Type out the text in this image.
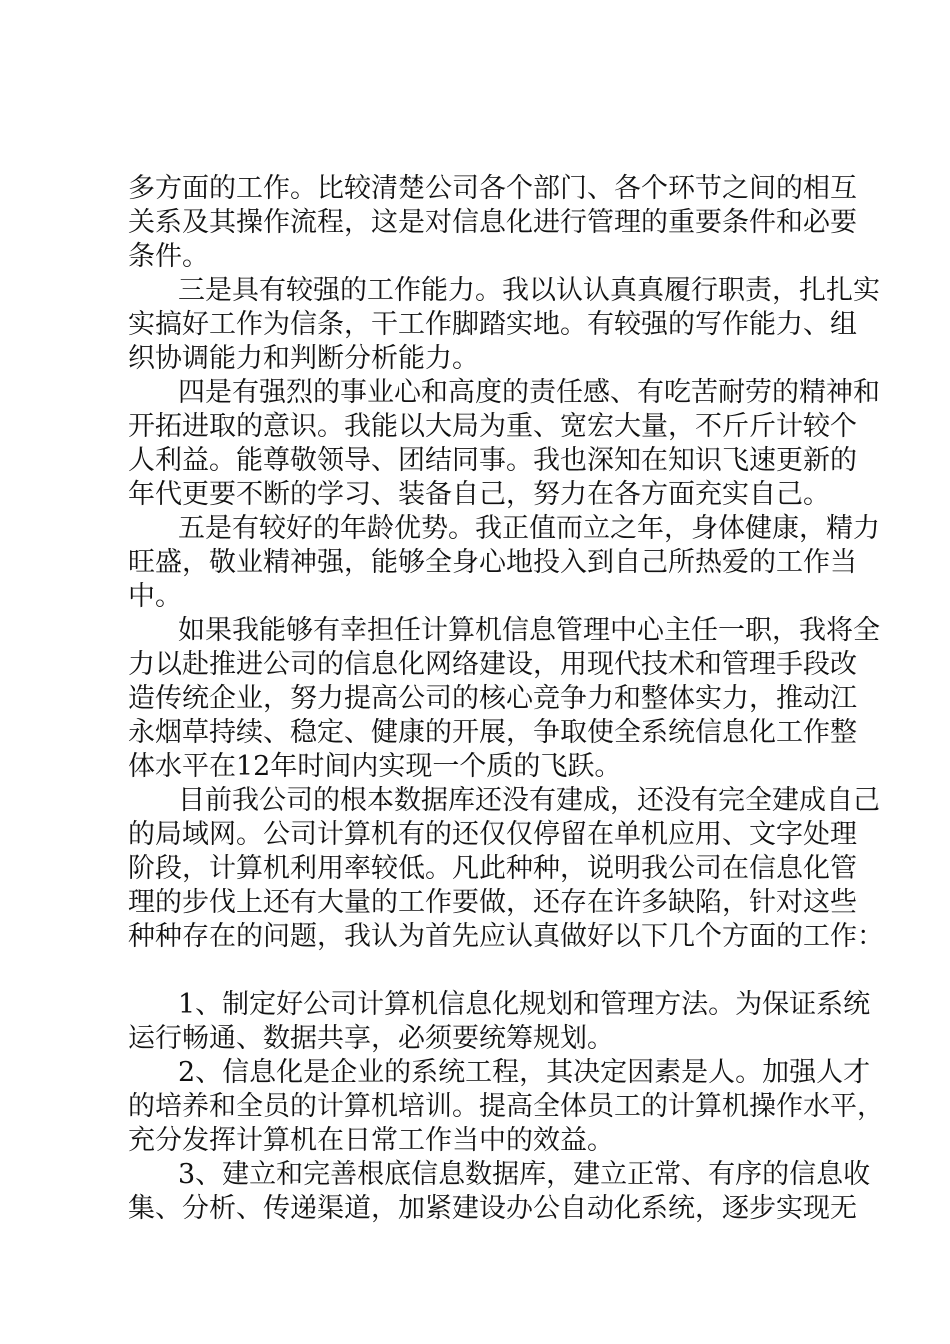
多方面的工作。比较清楚公司各个部门、各个环节之间的相互
关系及其操作流程，这是对信息化进行管理的重要条件和必要
条件。
三是具有较强的工作能力。我以认认真真履行职责，扎扎实
实搞好工作为信条，干工作脚踏实地。有较强的写作能力、组
织协调能力和判断分析能力。
四是有强烈的事业心和高度的责任感、有吃苦耐劳的精神和
开拓进取的意识。我能以大局为重、宽宏大量，不斤斤计较个
人利益。能尊敬领导、团结同事。我也深知在知识飞速更新的
年代更要不断的学习、装备自己，努力在各方面充实自己。
五是有较好的年龄优势。我正值而立之年，身体健康，精力
旺盛，敬业精神强，能够全身心地投入到自己所热爱的工作当
中。
如果我能够有幸担任计算机信息管理中心主任一职，我将全
力以赴推进公司的信息化网络建设，用现代技术和管理手段改
造传统企业，努力提高公司的核心竞争力和整体实力，推动江
永烟草持续、稳定、健康的开展，争取使全系统信息化工作整
体水平在12年时间内实现一个质的飞跃。
目前我公司的根本数据库还没有建成，还没有完全建成自己
的局域网。公司计算机有的还仅仅停留在单机应用、文字处理
阶段，计算机利用率较低。凡此种种，说明我公司在信息化管
理的步伐上还有大量的工作要做，还存在许多缺陷，针对这些
种种存在的问题，我认为首先应认真做好以下几个方面的工作：
1、制定好公司计算机信息化规划和管理方法。为保证系统
运行畅通、数据共享，必须要统筹规划。
2、信息化是企业的系统工程，其决定因素是人。加强人才
的培养和全员的计算机培训。提高全体员工的计算机操作水平，
充分发挥计算机在日常工作当中的效益。
3、建立和完善根底信息数据库，建立正常、有序的信息收
集、分析、传递渠道，加紧建设办公自动化系统，逐步实现无
